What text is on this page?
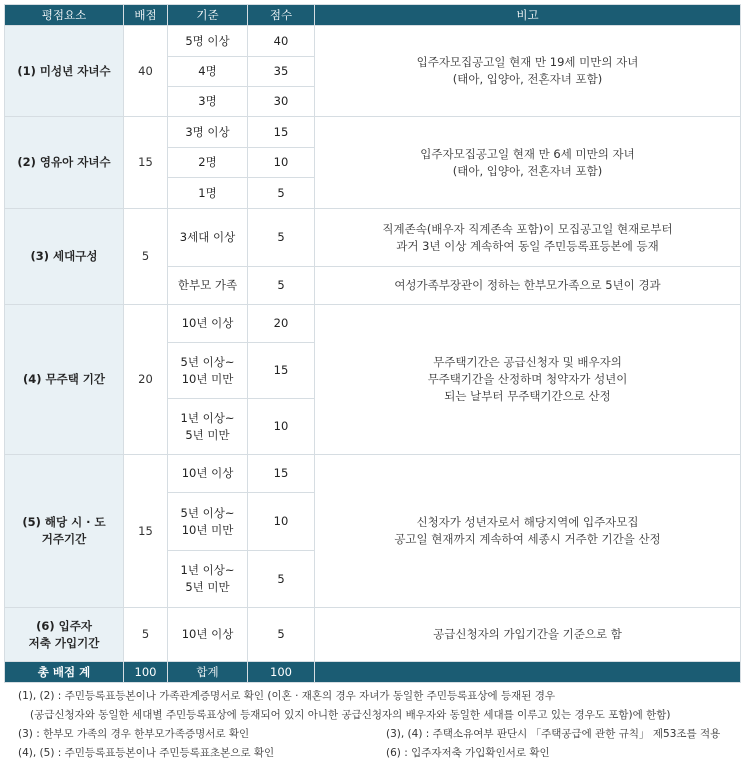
평점요소	배점	기준	점수	비고
(1) 미성년 자녀수	40	5명 이상	40	입주자모집공고일 현재 만 19세 미만의 자녀
(태아, 입양아, 전혼자녀 포함)
		4명	35	
		3명	30	
(2) 영유아 자녀수	15	3명 이상	15	입주자모집공고일 현재 만 6세 미만의 자녀
(태아, 입양아, 전혼자녀 포함)
		2명	10	
		1명	5	
(3) 세대구성	5	3세대 이상	5	직계존속(배우자 직계존속 포함)이 모집공고일 현재로부터
과거 3년 이상 계속하여 동일 주민등록표등본에 등재
		한부모 가족	5	여성가족부장관이 정하는 한부모가족으로 5년이 경과
(4) 무주택 기간	20	10년 이상	20	무주택기간은 공급신청자 및 배우자의
무주택기간을 산정하며 청약자가 성년이
되는 날부터 무주택기간으로 산정
		5년 이상~
10년 미만	15	
		1년 이상~
5년 미만	10	
(5) 해당 시 · 도
거주기간	15	10년 이상	15	신청자가 성년자로서 해당지역에 입주자모집
공고일 현재까지 계속하여 세종시 거주한 기간을 산정
		5년 이상~
10년 미만	10	
		1년 이상~
5년 미만	5	
(6) 입주자
저축 가입기간	5	10년 이상	5	공급신청자의 가입기간을 기준으로 함
총 배점 계	100	합계	100	
(1), (2) : 주민등록표등본이나 가족관계증명서로 확인 (이혼 · 재혼의 경우 자녀가 동일한 주민등록표상에 등재된 경우
(공급신청자와 동일한 세대별 주민등록표상에 등재되어 있지 아니한 공급신청자의 배우자와 동일한 세대를 이루고 있는 경우도 포함)에 한함)
(3) : 한부모 가족의 경우 한부모가족증명서로 확인	(3), (4) : 주택소유여부 판단시 「주택공급에 관한 규칙」 제53조를 적용
(4), (5) : 주민등록표등본이나 주민등록표초본으로 확인	(6) : 입주자저축 가입확인서로 확인
